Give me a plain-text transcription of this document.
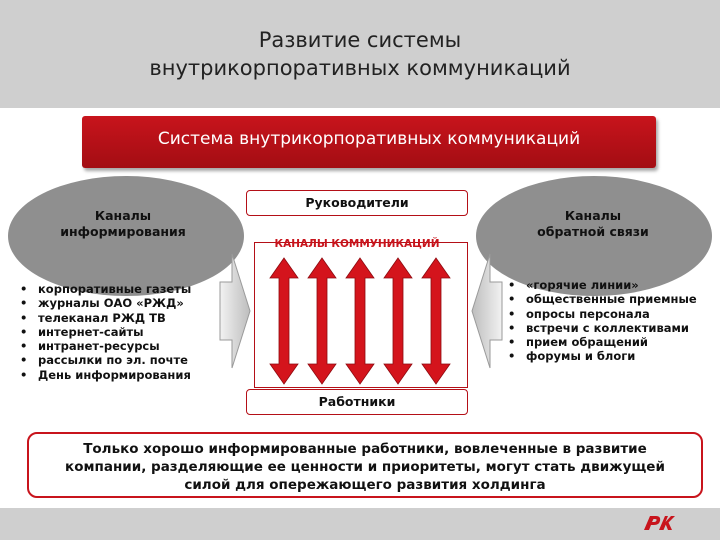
Развитие системы
внутрикорпоративных коммуникаций
Система внутрикорпоративных коммуникаций
Каналы
информирования
Каналы
обратной связи
• корпоративные газеты
• журналы ОАО «РЖД»
• телеканал РЖД ТВ
• интернет-сайты
• интранет-ресурсы
• рассылки по эл. почте
• День информирования
• «горячие линии»
• общественные приемные
• опросы персонала
• встречи с коллективами
• прием обращений
• форумы и блоги
Руководители
КАНАЛЫ КОММУНИКАЦИЙ
Работники
Только хорошо информированные работники, вовлеченные в развитие
компании, разделяющие ее ценности и приоритеты, могут стать движущей
силой для опережающего развития холдинга
